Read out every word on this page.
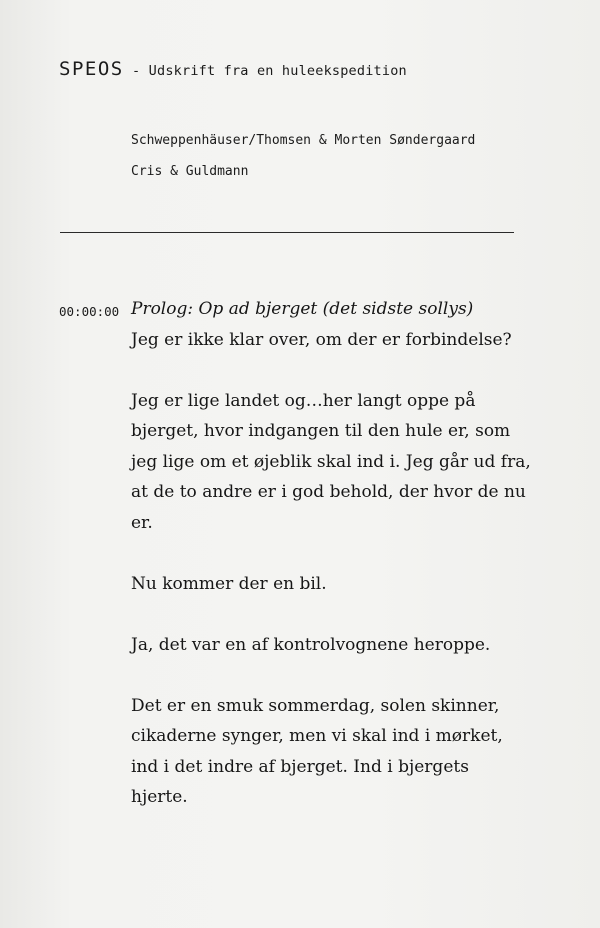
SPEOS - Udskrift fra en huleekspedition
Schweppenhäuser/Thomsen & Morten Søndergaard
Cris & Guldmann
00:00:00 Prolog: Op ad bjerget (det sidste sollys)

Jeg er ikke klar over, om der er forbindelse?

Jeg er lige landet og…her langt oppe på bjerget, hvor indgangen til den hule er, som jeg lige om et øjeblik skal ind i. Jeg går ud fra, at de to andre er i god behold, der hvor de nu er.

Nu kommer der en bil.

Ja, det var en af kontrolvognene heroppe.

Det er en smuk sommerdag, solen skinner, cikaderne synger, men vi skal ind i mørket, ind i det indre af bjerget. Ind i bjergets hjerte.
